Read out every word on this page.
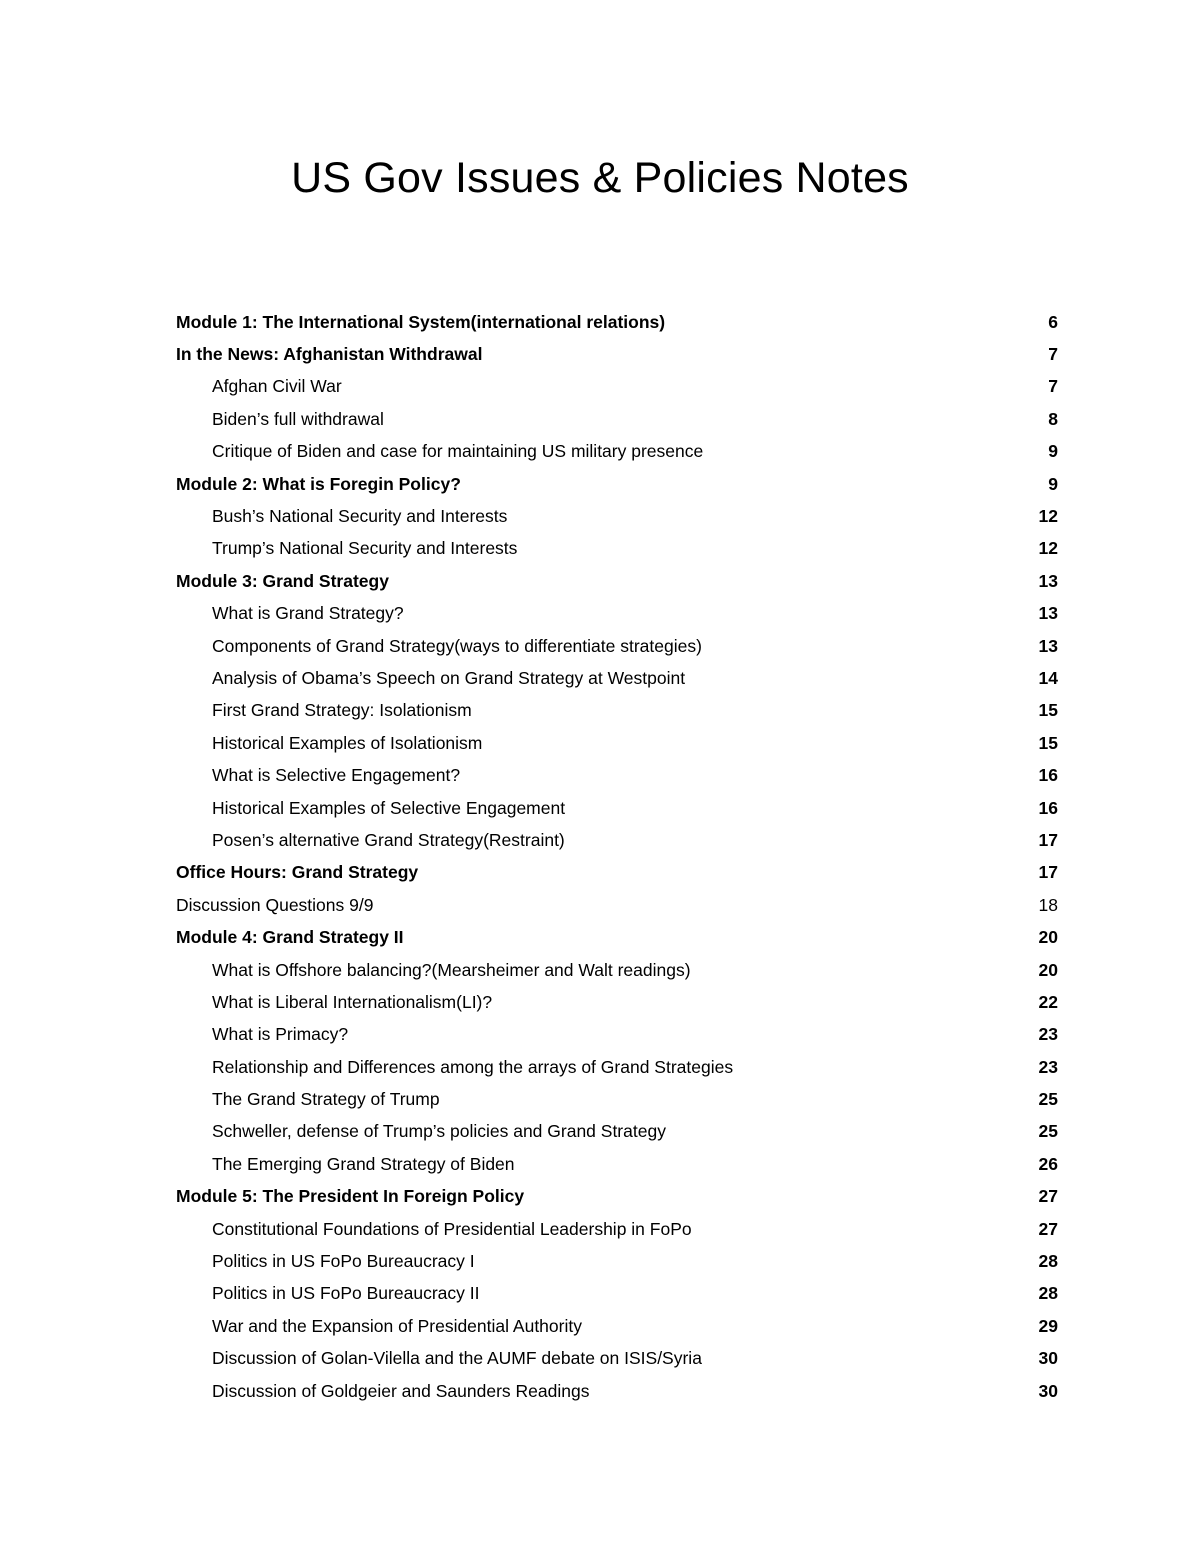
US Gov Issues & Policies Notes
Module 1: The International System(international relations)	6
In the News: Afghanistan Withdrawal	7
Afghan Civil War	7
Biden’s full withdrawal	8
Critique of Biden and case for maintaining US military presence	9
Module 2: What is Foregin Policy?	9
Bush’s National Security and Interests	12
Trump’s National Security and Interests	12
Module 3: Grand Strategy	13
What is Grand Strategy?	13
Components of Grand Strategy(ways to differentiate strategies)	13
Analysis of Obama’s Speech on Grand Strategy at Westpoint	14
First Grand Strategy: Isolationism	15
Historical Examples of Isolationism	15
What is Selective Engagement?	16
Historical Examples of Selective Engagement	16
Posen’s alternative Grand Strategy(Restraint)	17
Office Hours: Grand Strategy	17
Discussion Questions 9/9	18
Module 4: Grand Strategy II	20
What is Offshore balancing?(Mearsheimer and Walt readings)	20
What is Liberal Internationalism(LI)?	22
What is Primacy?	23
Relationship and Differences among the arrays of Grand Strategies	23
The Grand Strategy of Trump	25
Schweller, defense of Trump’s policies and Grand Strategy	25
The Emerging Grand Strategy of Biden	26
Module 5: The President In Foreign Policy	27
Constitutional Foundations of Presidential Leadership in FoPo	27
Politics in US FoPo Bureaucracy I	28
Politics in US FoPo Bureaucracy II	28
War and the Expansion of Presidential Authority	29
Discussion of Golan-Vilella and the AUMF debate on ISIS/Syria	30
Discussion of Goldgeier and Saunders Readings	30
